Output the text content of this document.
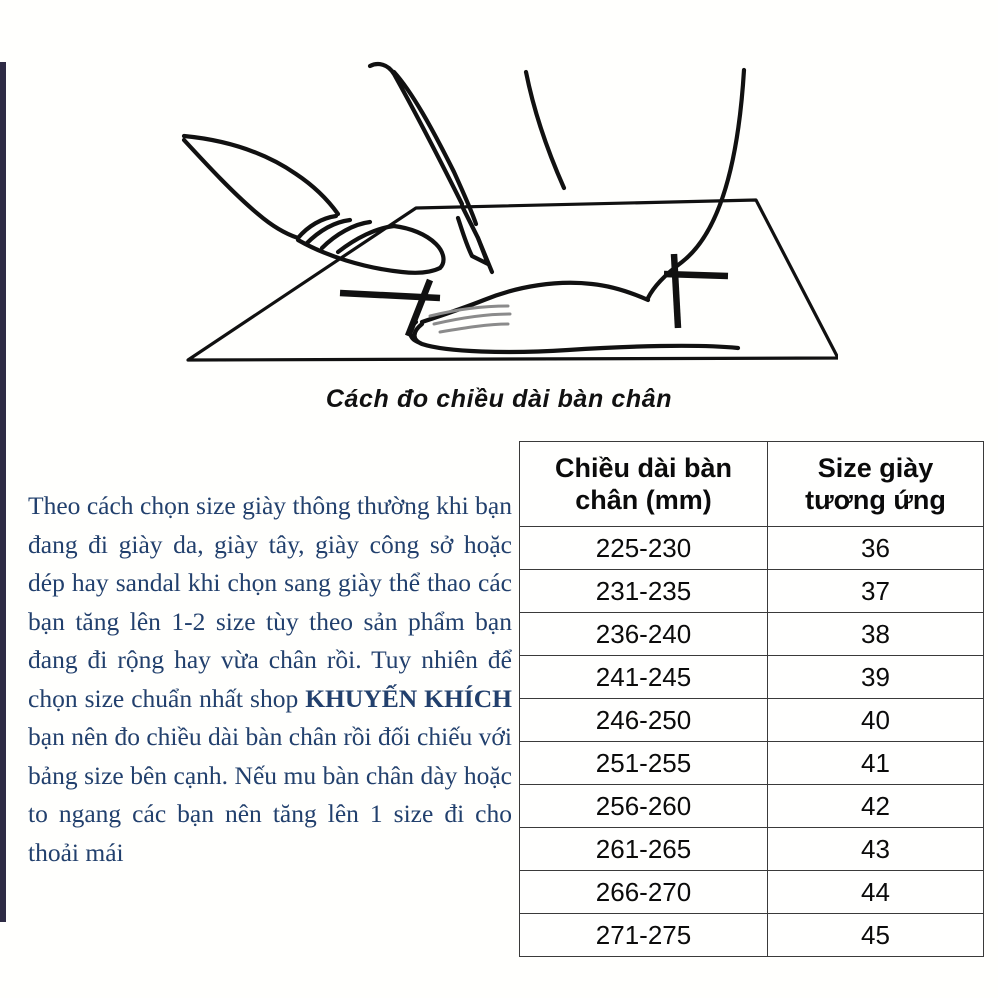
Cách đo chiều dài bàn chân
Theo cách chọn size giày thông thường khi bạn đang đi giày da, giày tây, giày công sở hoặc dép hay sandal khi chọn sang giày thể thao các bạn tăng lên 1-2 size tùy theo sản phẩm bạn đang đi rộng hay vừa chân rồi. Tuy nhiên để chọn size chuẩn nhất shop KHUYẾN KHÍCH bạn nên đo chiều dài bàn chân rồi đối chiếu với bảng size bên cạnh. Nếu mu bàn chân dày hoặc to ngang các bạn nên tăng lên 1 size đi cho thoải mái
Chiều dài bàn
chân (mm)

Size giày
tương ứng

225-230	36
231-235	37
236-240	38
241-245	39
246-250	40
251-255	41
256-260	42
261-265	43
266-270	44
271-275	45
